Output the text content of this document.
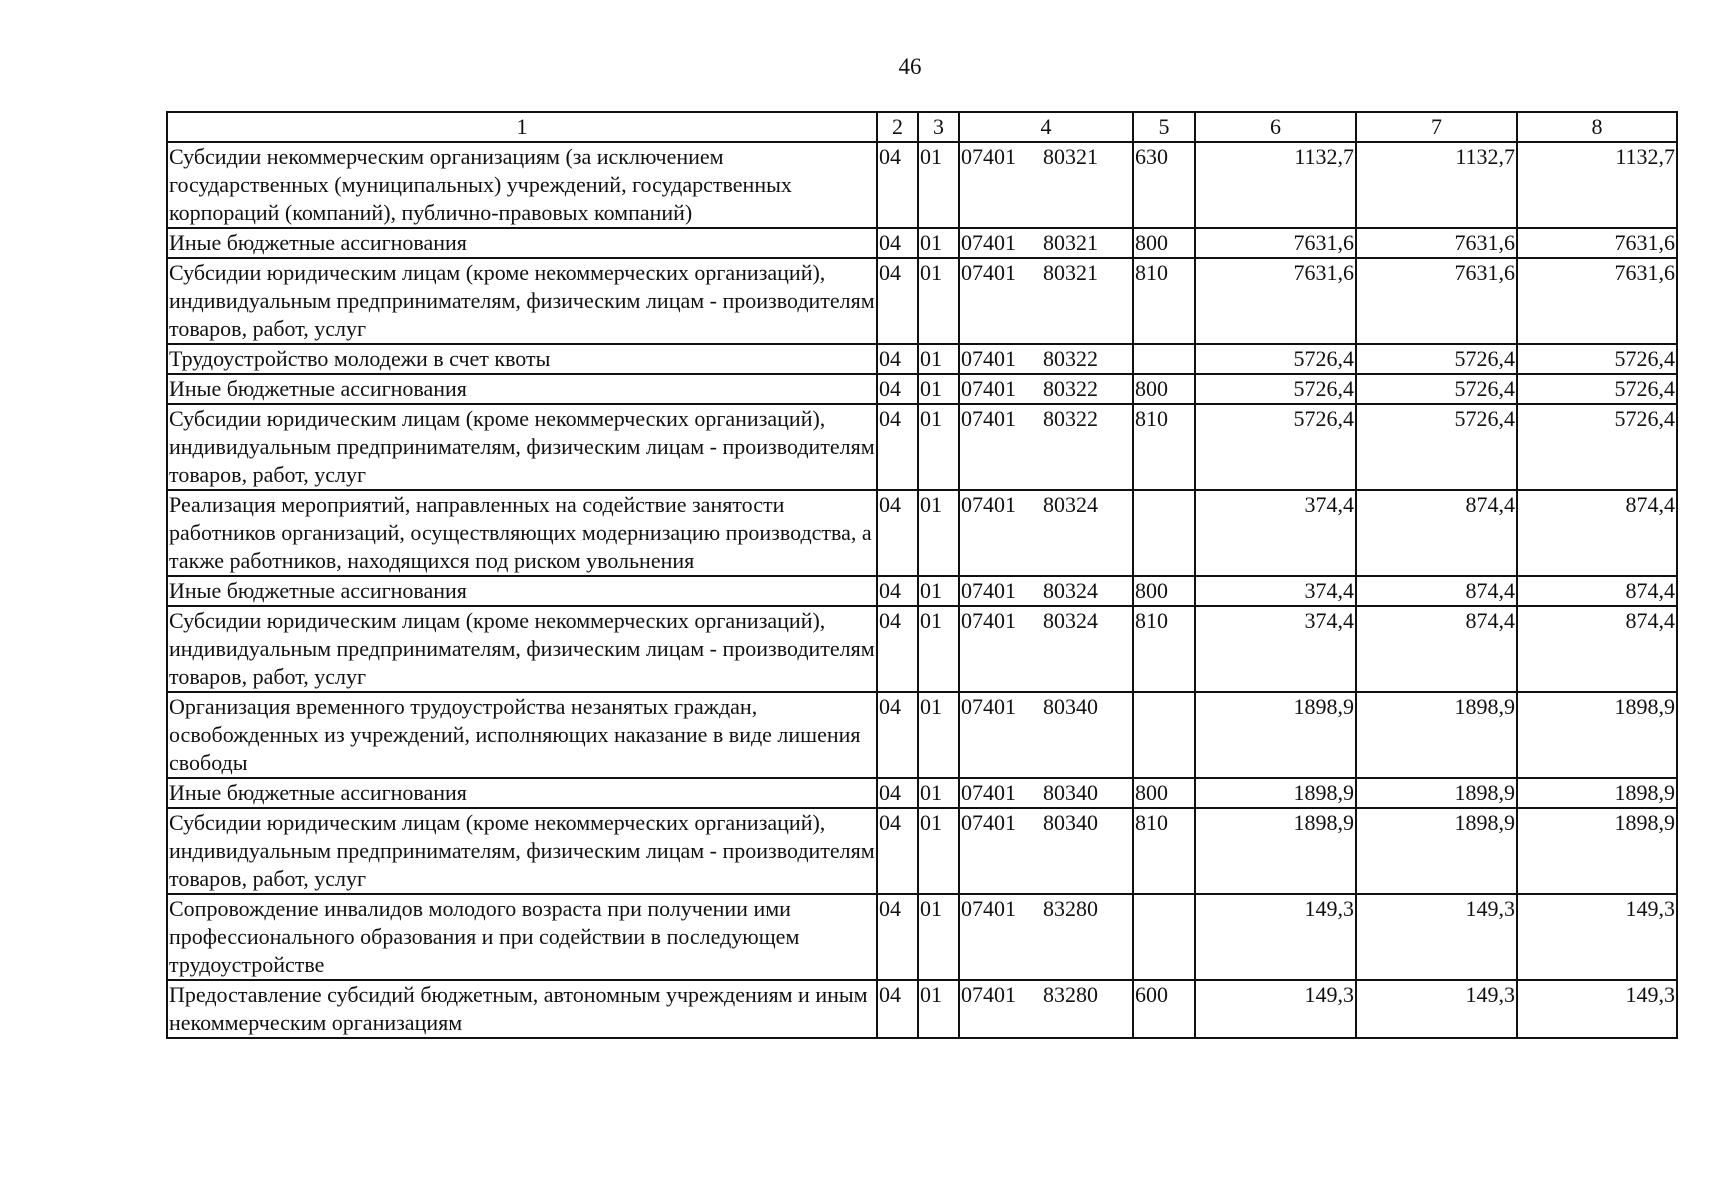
46
1	2	3	4	5	6	7	8
Субсидии некоммерческим организациям (за исключением государственных (муниципальных) учреждений, государственных корпораций (компаний), публично-правовых компаний)	04	01	07401 80321	630	1132,7	1132,7	1132,7
Иные бюджетные ассигнования	04	01	07401 80321	800	7631,6	7631,6	7631,6
Субсидии юридическим лицам (кроме некоммерческих организаций), индивидуальным предпринимателям, физическим лицам - производителям товаров, работ, услуг	04	01	07401 80321	810	7631,6	7631,6	7631,6
Трудоустройство молодежи в счет квоты	04	01	07401 80322		5726,4	5726,4	5726,4
Иные бюджетные ассигнования	04	01	07401 80322	800	5726,4	5726,4	5726,4
Субсидии юридическим лицам (кроме некоммерческих организаций), индивидуальным предпринимателям, физическим лицам - производителям товаров, работ, услуг	04	01	07401 80322	810	5726,4	5726,4	5726,4
Реализация мероприятий, направленных на содействие занятости работников организаций, осуществляющих модернизацию производства, а также работников, находящихся под риском увольнения	04	01	07401 80324		374,4	874,4	874,4
Иные бюджетные ассигнования	04	01	07401 80324	800	374,4	874,4	874,4
Субсидии юридическим лицам (кроме некоммерческих организаций), индивидуальным предпринимателям, физическим лицам - производителям товаров, работ, услуг	04	01	07401 80324	810	374,4	874,4	874,4
Организация временного трудоустройства незанятых граждан, освобожденных из учреждений, исполняющих наказание в виде лишения свободы	04	01	07401 80340		1898,9	1898,9	1898,9
Иные бюджетные ассигнования	04	01	07401 80340	800	1898,9	1898,9	1898,9
Субсидии юридическим лицам (кроме некоммерческих организаций), индивидуальным предпринимателям, физическим лицам - производителям товаров, работ, услуг	04	01	07401 80340	810	1898,9	1898,9	1898,9
Сопровождение инвалидов молодого возраста при получении ими профессионального образования и при содействии в последующем трудоустройстве	04	01	07401 83280		149,3	149,3	149,3
Предоставление субсидий бюджетным, автономным учреждениям и иным некоммерческим организациям	04	01	07401 83280	600	149,3	149,3	149,3
